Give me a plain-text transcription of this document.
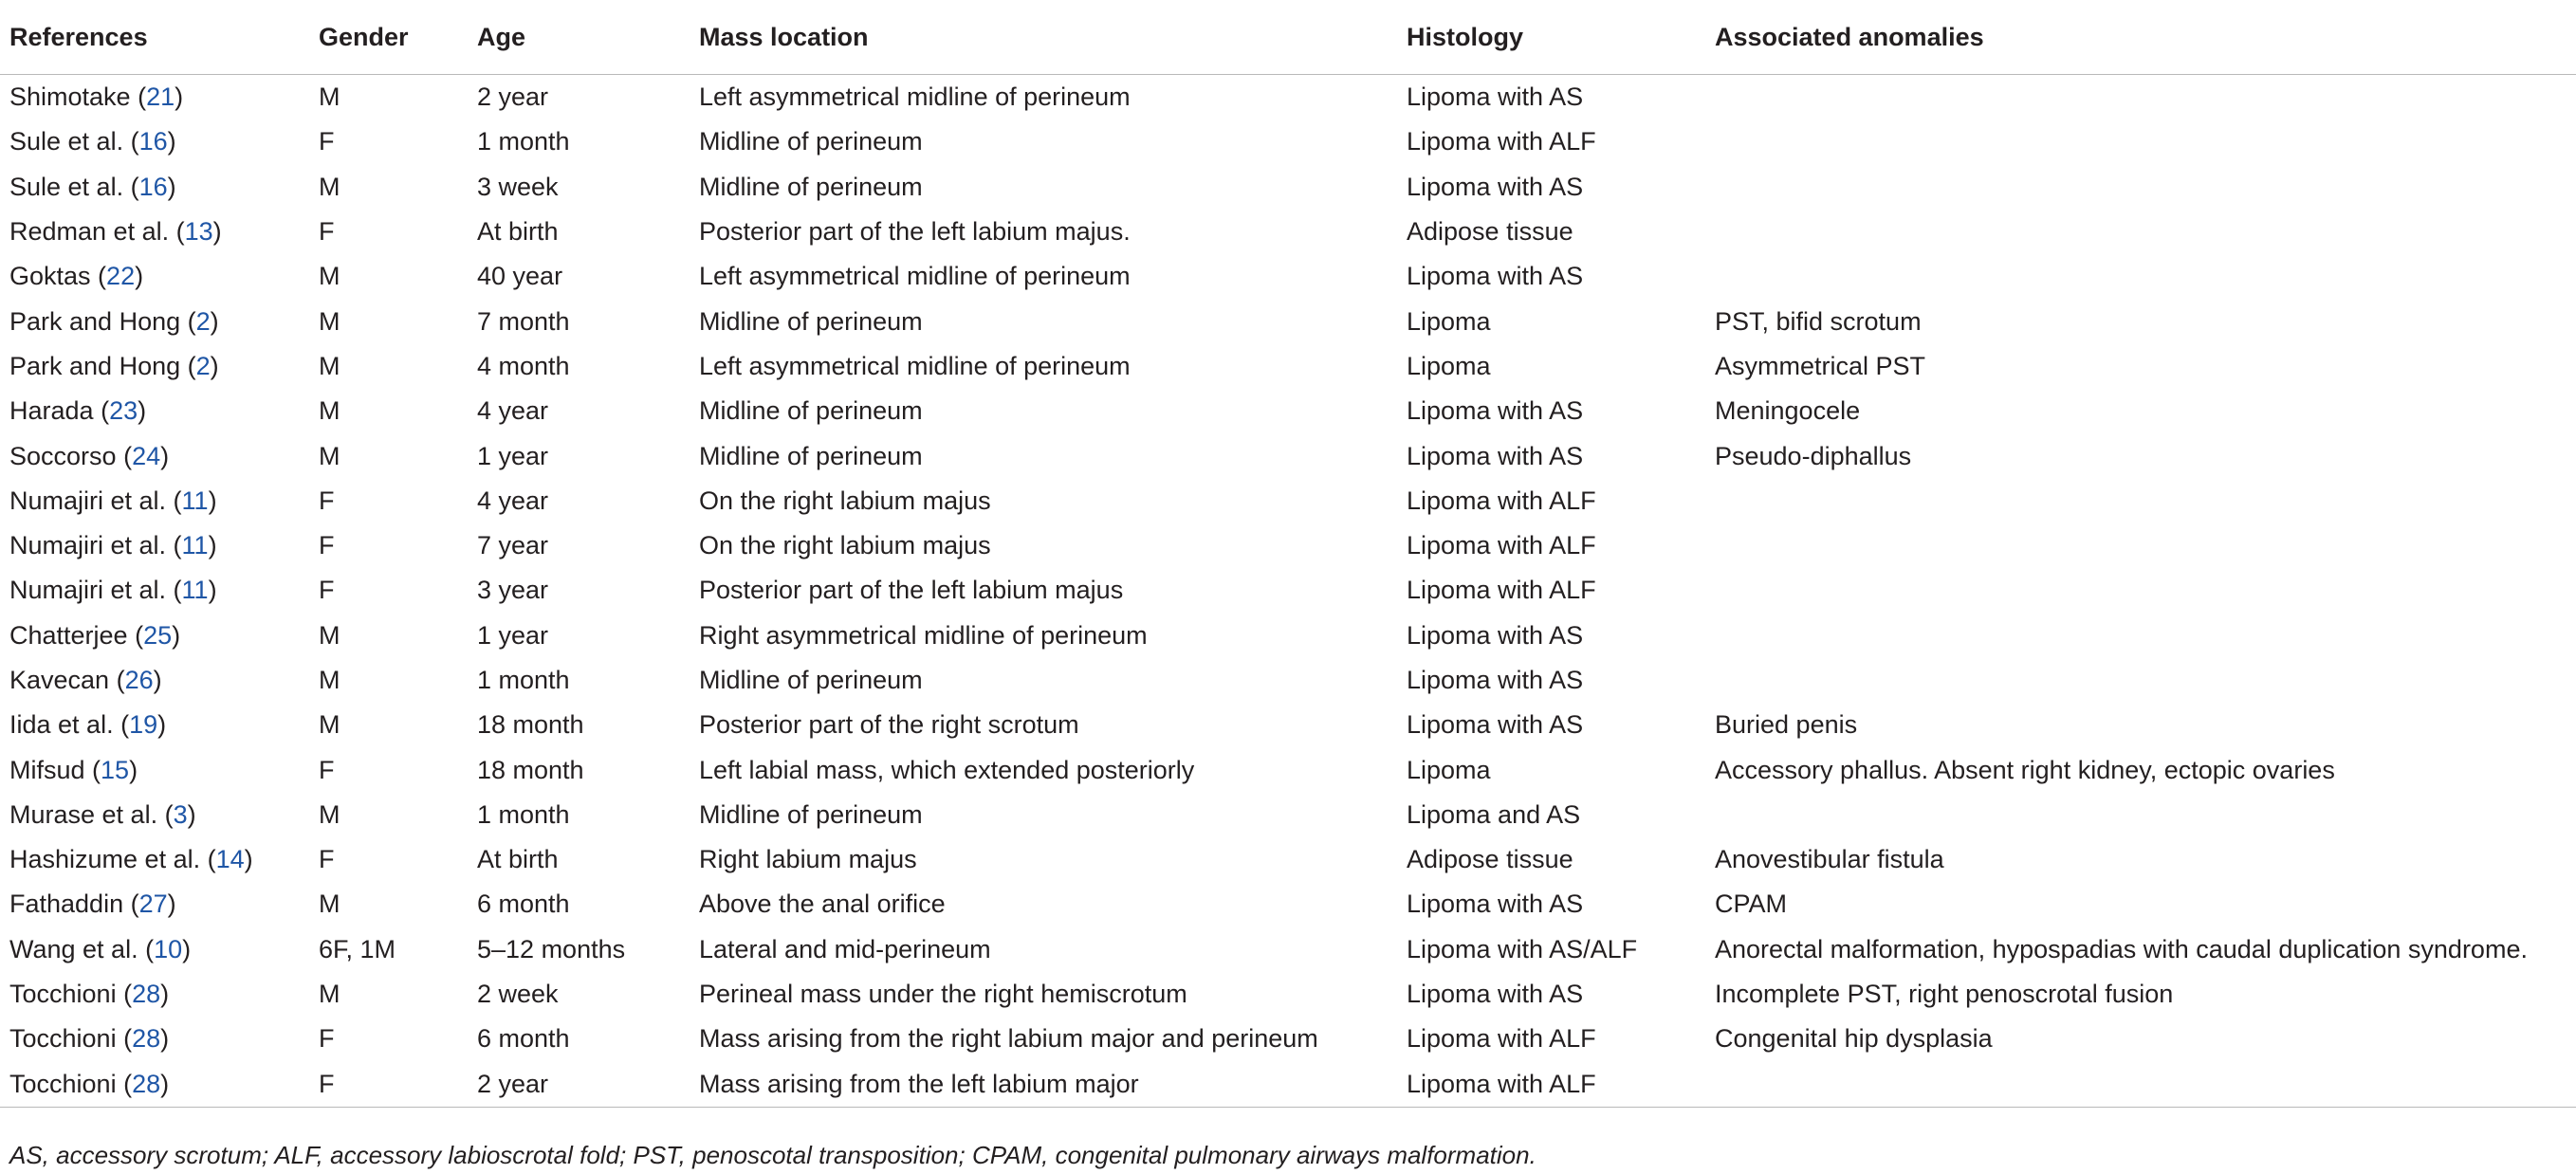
References	Gender	Age	Mass location	Histology	Associated anomalies
Shimotake (21)	M	2 year	Left asymmetrical midline of perineum	Lipoma with AS	
Sule et al. (16)	F	1 month	Midline of perineum	Lipoma with ALF	
Sule et al. (16)	M	3 week	Midline of perineum	Lipoma with AS	
Redman et al. (13)	F	At birth	Posterior part of the left labium majus.	Adipose tissue	
Goktas (22)	M	40 year	Left asymmetrical midline of perineum	Lipoma with AS	
Park and Hong (2)	M	7 month	Midline of perineum	Lipoma	PST, bifid scrotum
Park and Hong (2)	M	4 month	Left asymmetrical midline of perineum	Lipoma	Asymmetrical PST
Harada (23)	M	4 year	Midline of perineum	Lipoma with AS	Meningocele
Soccorso (24)	M	1 year	Midline of perineum	Lipoma with AS	Pseudo-diphallus
Numajiri et al. (11)	F	4 year	On the right labium majus	Lipoma with ALF	
Numajiri et al. (11)	F	7 year	On the right labium majus	Lipoma with ALF	
Numajiri et al. (11)	F	3 year	Posterior part of the left labium majus	Lipoma with ALF	
Chatterjee (25)	M	1 year	Right asymmetrical midline of perineum	Lipoma with AS	
Kavecan (26)	M	1 month	Midline of perineum	Lipoma with AS	
Iida et al. (19)	M	18 month	Posterior part of the right scrotum	Lipoma with AS	Buried penis
Mifsud (15)	F	18 month	Left labial mass, which extended posteriorly	Lipoma	Accessory phallus. Absent right kidney, ectopic ovaries
Murase et al. (3)	M	1 month	Midline of perineum	Lipoma and AS	
Hashizume et al. (14)	F	At birth	Right labium majus	Adipose tissue	Anovestibular fistula
Fathaddin (27)	M	6 month	Above the anal orifice	Lipoma with AS	CPAM
Wang et al. (10)	6F, 1M	5–12 months	Lateral and mid-perineum	Lipoma with AS/ALF	Anorectal malformation, hypospadias with caudal duplication syndrome.
Tocchioni (28)	M	2 week	Perineal mass under the right hemiscrotum	Lipoma with AS	Incomplete PST, right penoscrotal fusion
Tocchioni (28)	F	6 month	Mass arising from the right labium major and perineum	Lipoma with ALF	Congenital hip dysplasia
Tocchioni (28)	F	2 year	Mass arising from the left labium major	Lipoma with ALF	
AS, accessory scrotum; ALF, accessory labioscrotal fold; PST, penoscotal transposition; CPAM, congenital pulmonary airways malformation.
